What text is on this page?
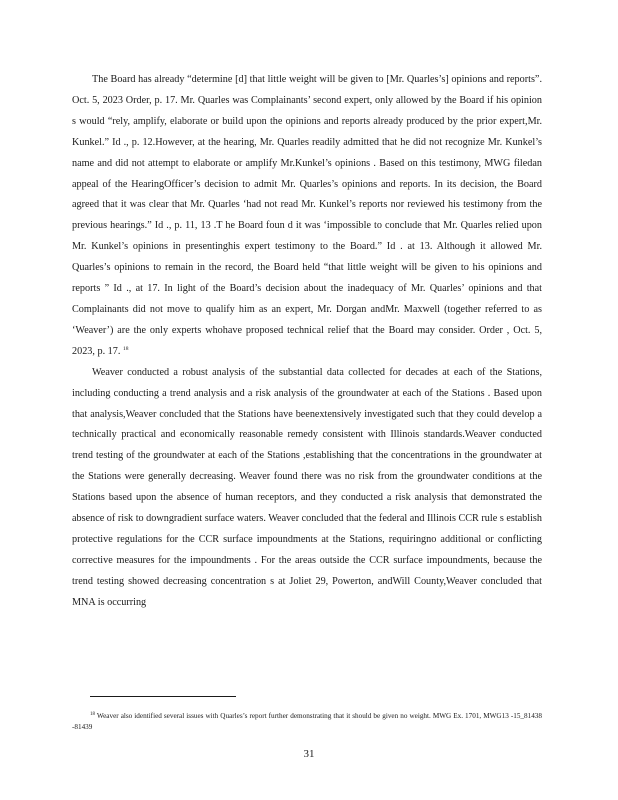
The Board has already “determine [d] that little weight will be given to [Mr. Quarles’s] opinions and reports”. Oct. 5, 2023 Order, p. 17. Mr. Quarles was Complainants’ second expert, only allowed by the Board if his opinion s would “rely, amplify, elaborate or build upon the opinions and reports already produced by the prior expert,Mr. Kunkel.” Id ., p. 12.However, at the hearing, Mr. Quarles readily admitted that he did not recognize Mr. Kunkel’s name and did not attempt to elaborate or amplify Mr.Kunkel’s opinions . Based on this testimony, MWG filedan appeal of the HearingOfficer’s decision to admit Mr. Quarles’s opinions and reports. In its decision, the Board agreed that it was clear that Mr. Quarles ‘had not read Mr. Kunkel’s reports nor reviewed his testimony from the previous hearings.” Id ., p. 11, 13 .T he Board foun d it was ‘impossible to conclude that Mr. Quarles relied upon Mr. Kunkel’s opinions in presentinghis expert testimony to the Board.” Id . at 13. Although it allowed Mr. Quarles’s opinions to remain in the record, the Board held “that little weight will be given to his opinions and reports ” Id ., at 17. In light of the Board’s decision about the inadequacy of Mr. Quarles’ opinions and that Complainants did not move to qualify him as an expert, Mr. Dorgan andMr. Maxwell (together referred to as ‘Weaver’) are the only experts whohave proposed technical relief that the Board may consider. Order , Oct. 5, 2023, p. 17. $^{18}$

Weaver conducted a robust analysis of the substantial data collected for decades at each of the Stations, including conducting a trend analysis and a risk analysis of the groundwater at each of the Stations . Based upon that analysis,Weaver concluded that the Stations have beenextensively investigated such that they could develop a technically practical and economically reasonable remedy consistent with Illinois standards.Weaver conducted trend testing of the groundwater at each of the Stations ,establishing that the concentrations in the groundwater at the Stations were generally decreasing. Weaver found there was no risk from the groundwater conditions at the Stations based upon the absence of human receptors, and they conducted a risk analysis that demonstrated the absence of risk to downgradient surface waters. Weaver concluded that the federal and Illinois CCR rule s establish protective regulations for the CCR surface impoundments at the Stations, requiringno additional or conflicting corrective measures for the impoundments . For the areas outside the CCR surface impoundments, because the trend testing showed decreasing concentration s at Joliet 29, Powerton, andWill County,Weaver concluded that MNA is occurring

$^{18}$ Weaver also identified several issues with Quarles’s report further demonstrating that it should be given no weight. MWG Ex. 1701, MWG13 -15_81438 -81439

31
